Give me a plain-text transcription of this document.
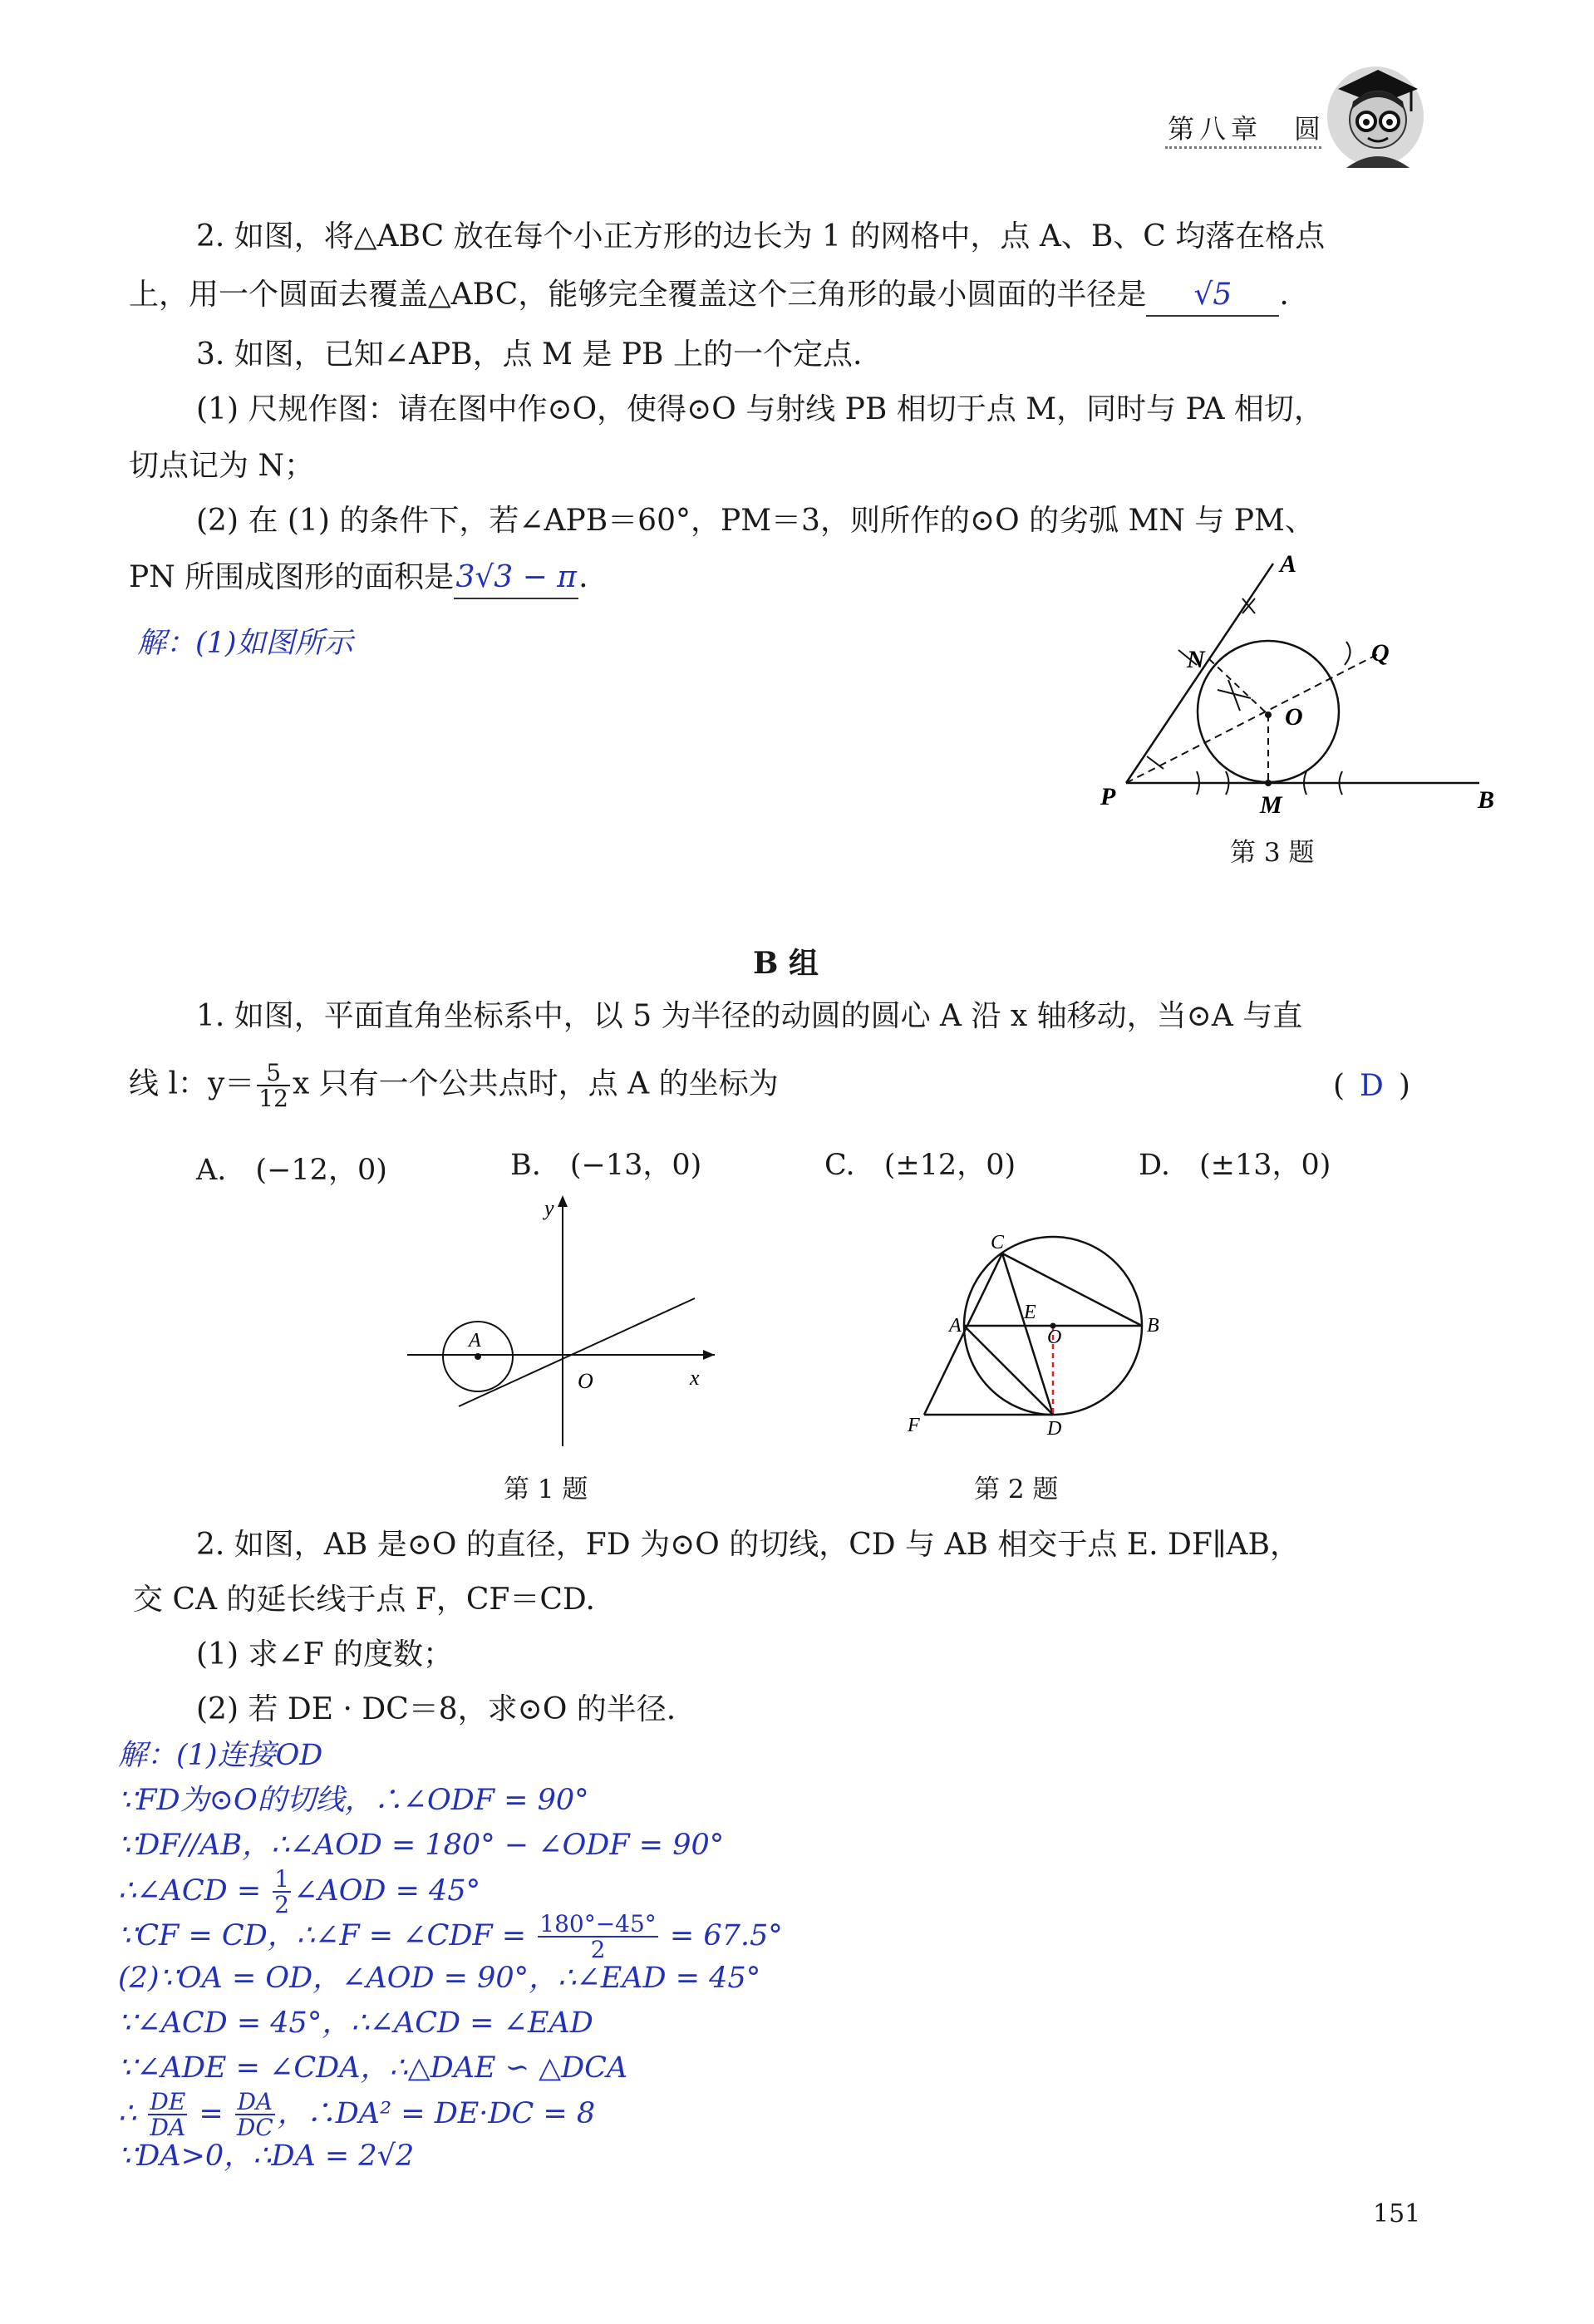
第八章　圆
2. 如图，将△ABC 放在每个小正方形的边长为 1 的网格中，点 A、B、C 均落在格点
上，用一个圆面去覆盖△ABC，能够完全覆盖这个三角形的最小圆面的半径是 √5 .
3. 如图，已知∠APB，点 M 是 PB 上的一个定点.
(1) 尺规作图：请在图中作⊙O，使得⊙O 与射线 PB 相切于点 M，同时与 PA 相切，
切点记为 N；
(2) 在 (1) 的条件下，若∠APB＝60°，PM＝3，则所作的⊙O 的劣弧 MN 与 PM、
PN 所围成图形的面积是3√3 − π.
解：(1)如图所示
A
N	Q
O
P	M	B
第 3 题
B 组
1. 如图，平面直角坐标系中，以 5 为半径的动圆的圆心 A 沿 x 轴移动，当⊙A 与直
线 l：$y= \frac{5}{12}$ x 只有一个公共点时，点 A 的坐标为	( D )
A.　 (−12，0)	B.　 (−13，0)	C.　 (±12，0)	D.　 (±13，0)
y
x
O
A
第 1 题
C
A
E
O
B
F	D
第 2 题
2. 如图，AB 是⊙O 的直径，FD 为⊙O 的切线，CD 与 AB 相交于点 E. DF∥AB，
交 CA 的延长线于点 F，CF＝CD.
(1) 求∠F 的度数；
(2) 若 DE · DC＝8，求⊙O 的半径.
解：(1)连接OD
∵FD为⊙O的切线，∴∠ODF = 90°
∵DF//AB，∴∠AOD = 180° − ∠ODF = 90°
∴∠ACD = $\frac{1}{2}$ ∠AOD = 45°
∵CF = CD，∴∠F = ∠CDF = $\frac{180^\circ-45^\circ}{2} = 67.5^\circ$
(2)∵OA = OD，∠AOD = 90°，∴∠EAD = 45°
∵∠ACD = 45°，∴∠ACD = ∠EAD
∵∠ADE = ∠CDA，∴△DAE ∽ △DCA
∴ $\frac{DE}{DA} = \frac{DA}{DC}$ ，∴DA² = DE·DC = 8
∵DA>0，∴DA = 2√2
151
